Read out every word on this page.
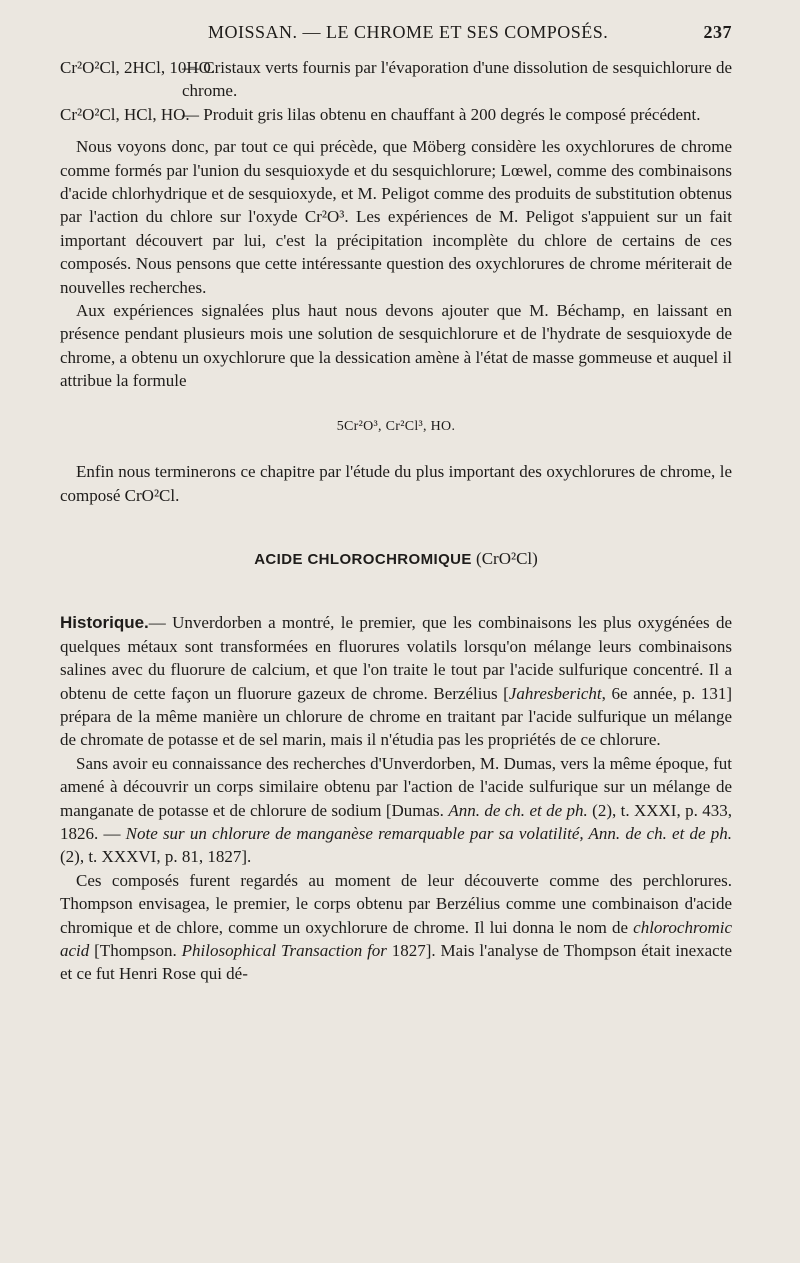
MOISSAN. — LE CHROME ET SES COMPOSÉS.	237
Cr²O²Cl, 2HCl, 10HO.
— Cristaux verts fournis par l'évaporation d'une dissolution de sesquichlorure de chrome.
Cr²O²Cl, HCl, HO.
— Produit gris lilas obtenu en chauffant à 200 degrés le composé précédent.

Nous voyons donc, par tout ce qui précède, que Möberg considère les oxychlorures de chrome comme formés par l'union du sesquioxyde et du sesquichlorure; Lœwel, comme des combinaisons d'acide chlorhydrique et de sesquioxyde, et M. Peligot comme des produits de substitution obtenus par l'action du chlore sur l'oxyde Cr²O³. Les expériences de M. Peligot s'appuient sur un fait important découvert par lui, c'est la précipitation incomplète du chlore de certains de ces composés. Nous pensons que cette intéressante question des oxychlorures de chrome mériterait de nouvelles recherches.

Aux expériences signalées plus haut nous devons ajouter que M. Béchamp, en laissant en présence pendant plusieurs mois une solution de sesquichlorure et de l'hydrate de sesquioxyde de chrome, a obtenu un oxychlorure que la dessication amène à l'état de masse gommeuse et auquel il attribue la formule

5Cr²O³, Cr²Cl³, HO.

Enfin nous terminerons ce chapitre par l'étude du plus important des oxychlorures de chrome, le composé CrO²Cl.

ACIDE CHLOROCHROMIQUE (CrO²Cl)

Historique.— Unverdorben a montré, le premier, que les combinaisons les plus oxygénées de quelques métaux sont transformées en fluorures volatils lorsqu'on mélange leurs combinaisons salines avec du fluorure de calcium, et que l'on traite le tout par l'acide sulfurique concentré. Il a obtenu de cette façon un fluorure gazeux de chrome. Berzélius [Jahresbericht, 6e année, p. 131] prépara de la même manière un chlorure de chrome en traitant par l'acide sulfurique un mélange de chromate de potasse et de sel marin, mais il n'étudia pas les propriétés de ce chlorure.

Sans avoir eu connaissance des recherches d'Unverdorben, M. Dumas, vers la même époque, fut amené à découvrir un corps similaire obtenu par l'action de l'acide sulfurique sur un mélange de manganate de potasse et de chlorure de sodium [Dumas. Ann. de ch. et de ph. (2), t. XXXI, p. 433, 1826. — Note sur un chlorure de manganèse remarquable par sa volatilité, Ann. de ch. et de ph. (2), t. XXXVI, p. 81, 1827].

Ces composés furent regardés au moment de leur découverte comme des perchlorures. Thompson envisagea, le premier, le corps obtenu par Berzélius comme une combinaison d'acide chromique et de chlore, comme un oxychlorure de chrome. Il lui donna le nom de chlorochromic acid [Thompson. Philosophical Transaction for 1827]. Mais l'analyse de Thompson était inexacte et ce fut Henri Rose qui dé-
